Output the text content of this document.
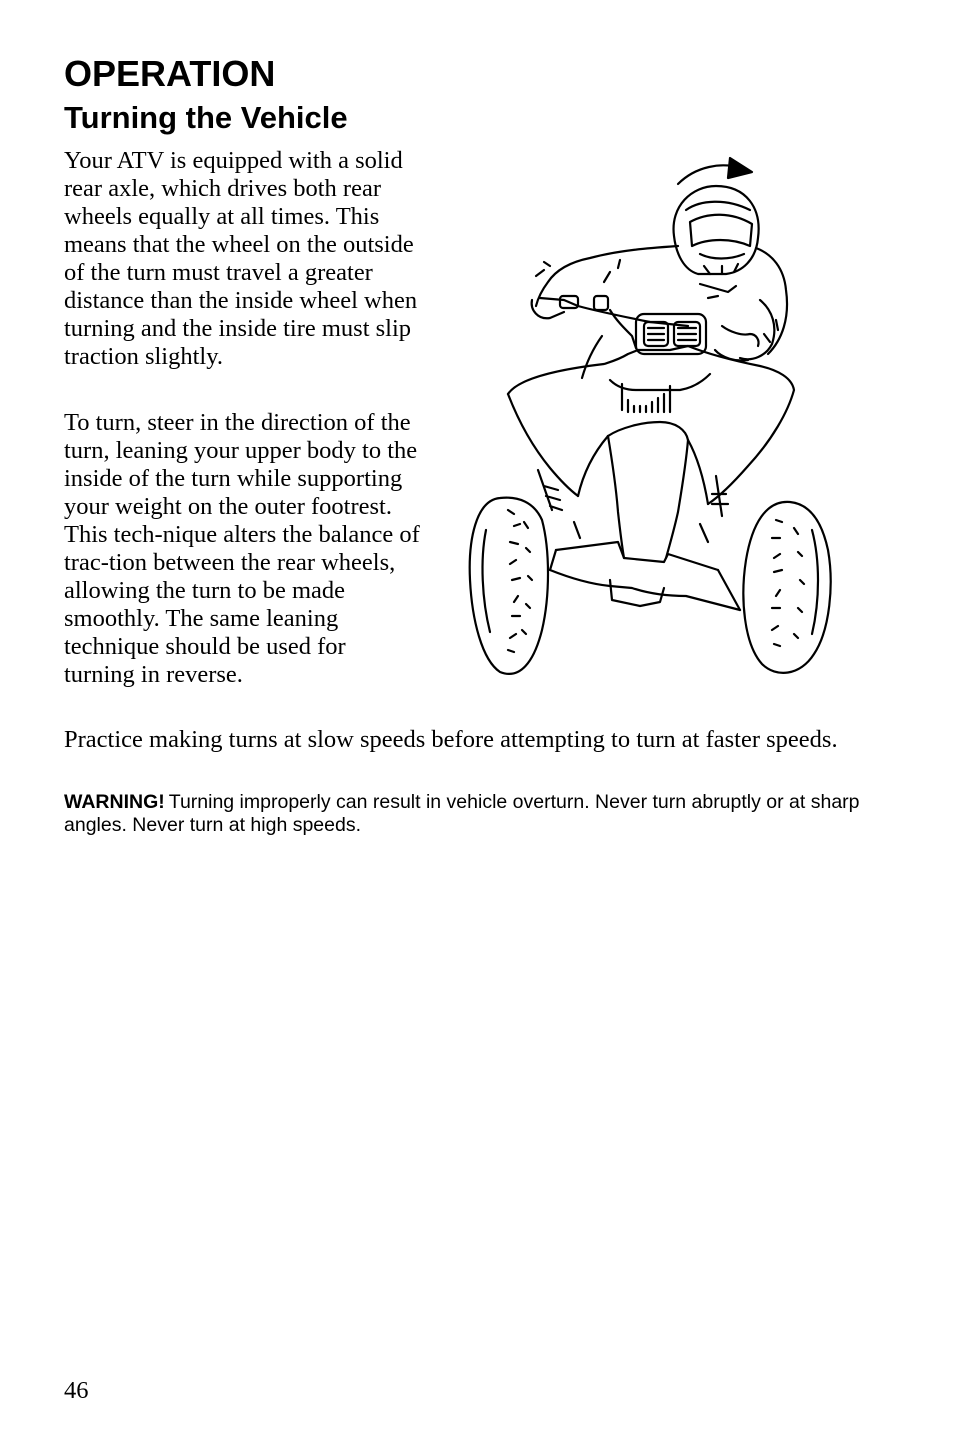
OPERATION
Turning the Vehicle

Your ATV is equipped with a solid rear axle, which drives both rear wheels equally at all times. This means that the wheel on the outside of the turn must travel a greater distance than the inside wheel when turning and the inside tire must slip traction slightly.

To turn, steer in the direction of the turn, leaning your upper body to the inside of the turn while supporting your weight on the outer footrest. This tech-nique alters the balance of trac-tion between the rear wheels, allowing the turn to be made smoothly. The same leaning technique should be used for turning in reverse.

Practice making turns at slow speeds before attempting to turn at faster speeds.

WARNING! Turning improperly can result in vehicle overturn. Never turn abruptly or at sharp angles. Never turn at high speeds.

46
